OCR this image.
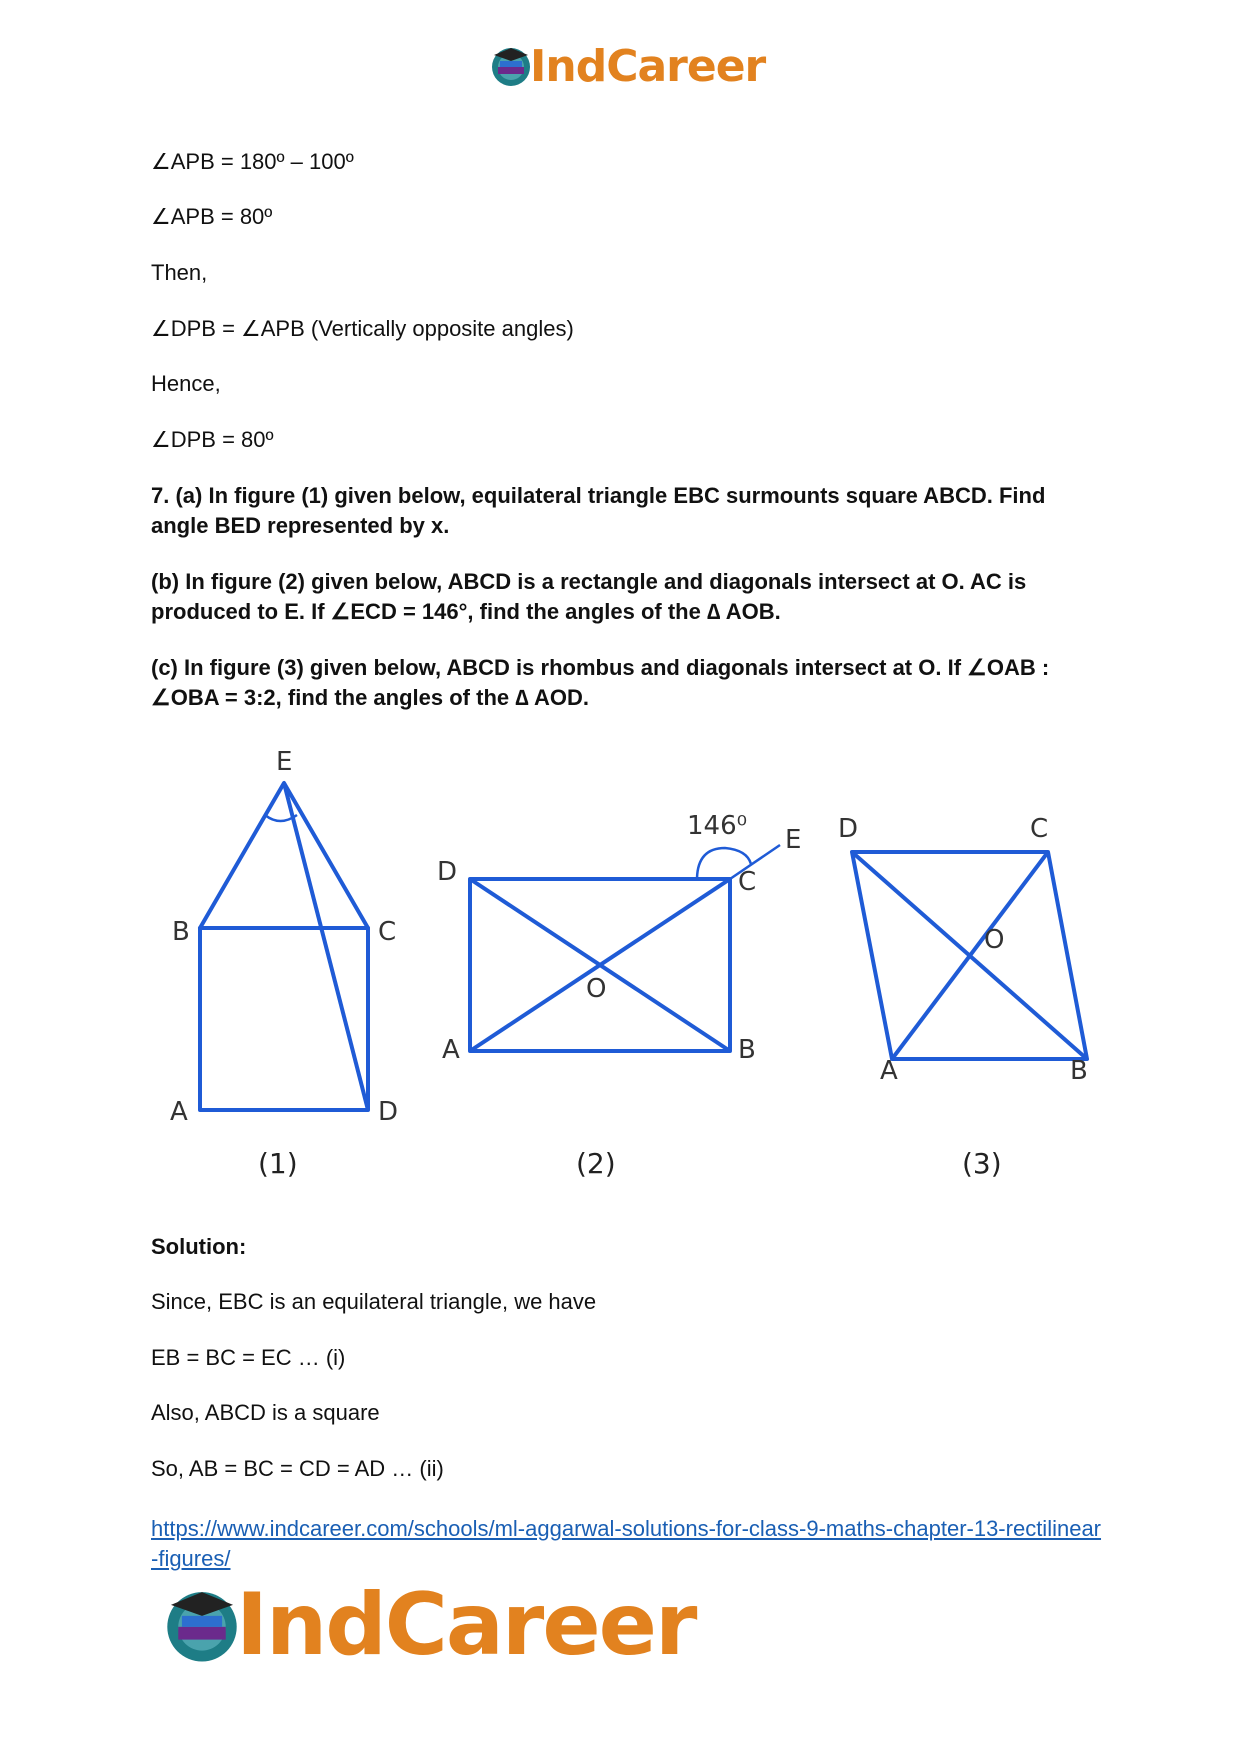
IndCareer
∠APB = 180º – 100º
∠APB = 80º
Then,
∠DPB = ∠APB (Vertically opposite angles)
Hence,
∠DPB = 80º
7. (a) In figure (1) given below, equilateral triangle EBC surmounts square ABCD. Find angle BED represented by x.
(b) In figure (2) given below, ABCD is a rectangle and diagonals intersect at O. AC is produced to E. If ∠ECD = 146°, find the angles of the ∆ AOB.
(c) In figure (3) given below, ABCD is rhombus and diagonals intersect at O. If ∠OAB : ∠OBA = 3:2, find the angles of the ∆ AOD.
E
B	C
A	D
(1)
D	C
E
146⁰
O
A	B
(2)
D	C
O
A	B
(3)
Solution:
Since, EBC is an equilateral triangle, we have
EB = BC = EC … (i)
Also, ABCD is a square
So, AB = BC = CD = AD … (ii)
https://www.indcareer.com/schools/ml-aggarwal-solutions-for-class-9-maths-chapter-13-rectilinear-figures/
IndCareer
